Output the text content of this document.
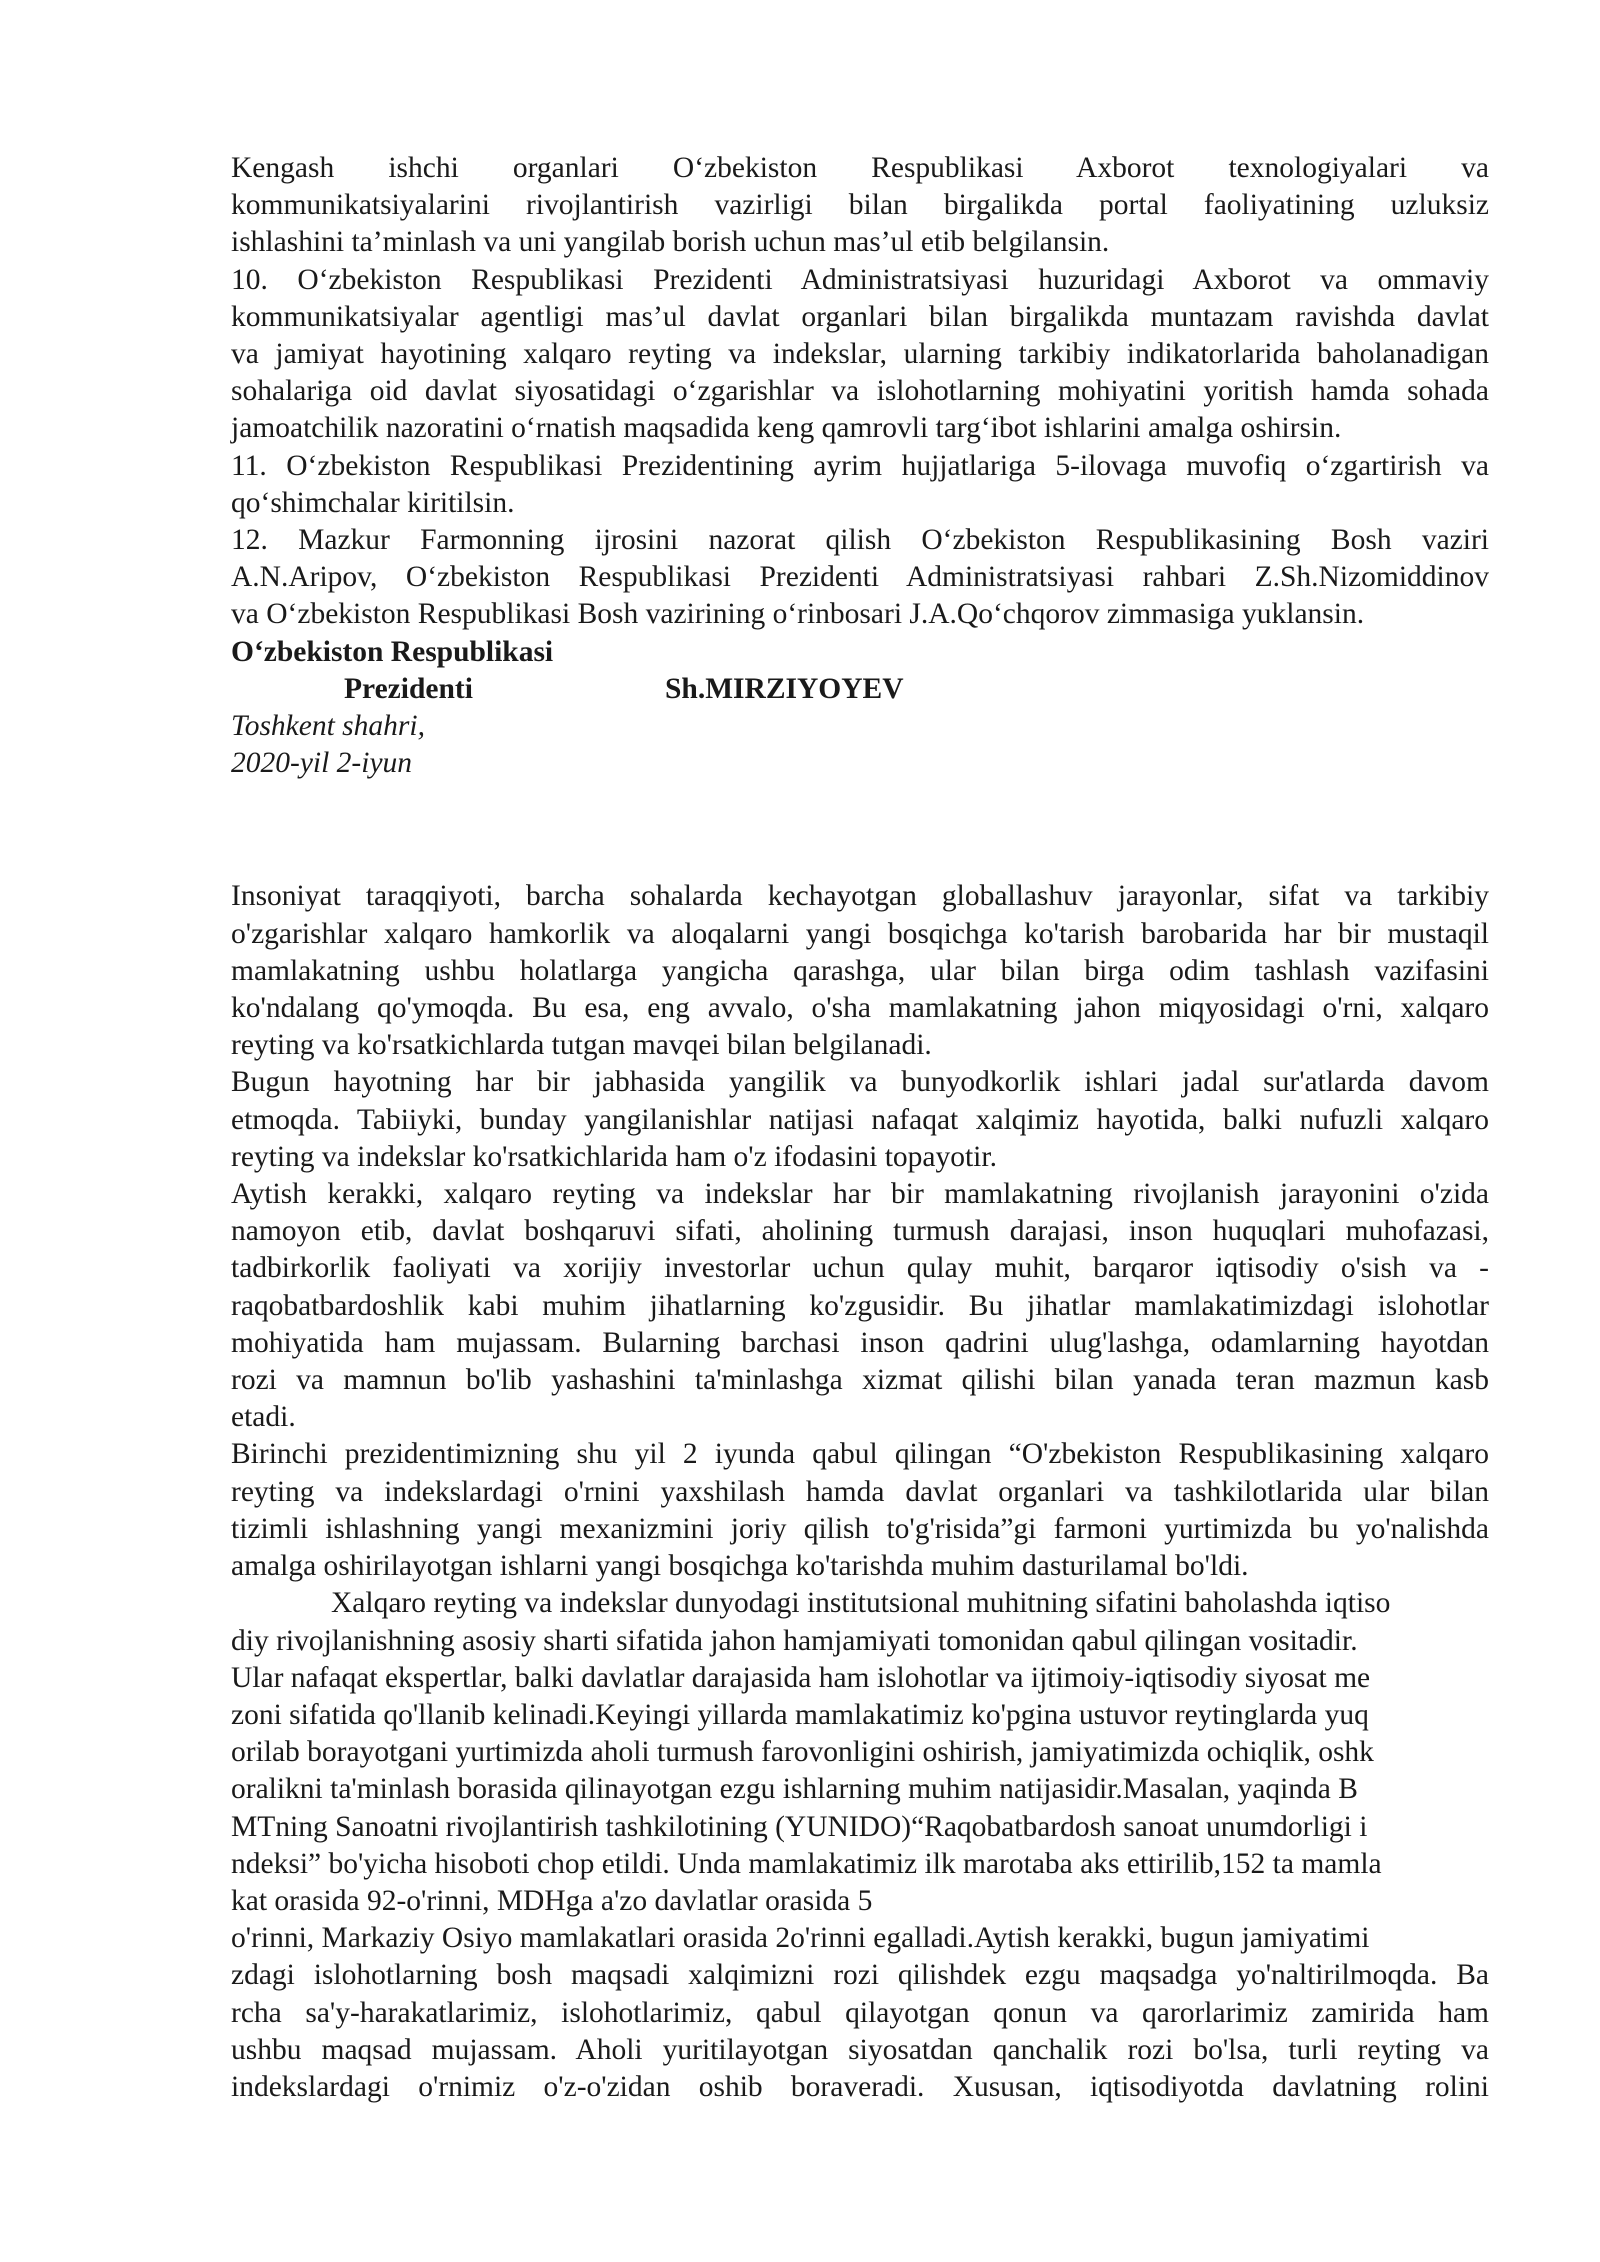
Kengash ishchi organlari O‘zbekiston Respublikasi Axborot texnologiyalari va
kommunikatsiyalarini rivojlantirish vazirligi bilan birgalikda portal faoliyatining uzluksiz
ishlashini ta’minlash va uni yangilab borish uchun mas’ul etib belgilansin.
10. O‘zbekiston Respublikasi Prezidenti Administratsiyasi huzuridagi Axborot va ommaviy
kommunikatsiyalar agentligi mas’ul davlat organlari bilan birgalikda muntazam ravishda davlat
va jamiyat hayotining xalqaro reyting va indekslar, ularning tarkibiy indikatorlarida baholanadigan
sohalariga oid davlat siyosatidagi o‘zgarishlar va islohotlarning mohiyatini yoritish hamda sohada
jamoatchilik nazoratini o‘rnatish maqsadida keng qamrovli targ‘ibot ishlarini amalga oshirsin.
11. O‘zbekiston Respublikasi Prezidentining ayrim hujjatlariga 5-ilovaga muvofiq o‘zgartirish va
qo‘shimchalar kiritilsin.
12. Mazkur Farmonning ijrosini nazorat qilish O‘zbekiston Respublikasining Bosh vaziri
A.N.Aripov, O‘zbekiston Respublikasi Prezidenti Administratsiyasi rahbari Z.Sh.Nizomiddinov
va O‘zbekiston Respublikasi Bosh vazirining o‘rinbosari J.A.Qo‘chqorov zimmasiga yuklansin.
O‘zbekiston Respublikasi
Prezidenti	Sh.MIRZIYOYEV
Toshkent shahri,
2020-yil 2-iyun
Insoniyat taraqqiyoti, barcha sohalarda kechayotgan globallashuv jarayonlar, sifat va tarkibiy
o'zgarishlar xalqaro hamkorlik va aloqalarni yangi bosqichga ko'tarish barobarida har bir mustaqil
mamlakatning ushbu holatlarga yangicha qarashga, ular bilan birga odim tashlash vazifasini
ko'ndalang qo'ymoqda. Bu esa, eng avvalo, o'sha mamlakatning jahon miqyosidagi o'rni, xalqaro
reyting va ko'rsatkichlarda tutgan mavqei bilan belgilanadi.
Bugun hayotning har bir jabhasida yangilik va bunyodkorlik ishlari jadal sur'atlarda davom
etmoqda. Tabiiyki, bunday yangilanishlar natijasi nafaqat xalqimiz hayotida, balki nufuzli xalqaro
reyting va indekslar ko'rsatkichlarida ham o'z ifodasini topayotir.
Aytish kerakki, xalqaro reyting va indekslar har bir mamlakatning rivojlanish jarayonini o'zida
namoyon etib, davlat boshqaruvi sifati, aholining turmush darajasi, inson huquqlari muhofazasi,
tadbirkorlik faoliyati va xorijiy investorlar uchun qulay muhit, barqaror iqtisodiy o'sish va -
raqobatbardoshlik kabi muhim jihatlarning ko'zgusidir. Bu jihatlar mamlakatimizdagi islohotlar
mohiyatida ham mujassam. Bularning barchasi inson qadrini ulug'lashga, odamlarning hayotdan
rozi va mamnun bo'lib yashashini ta'minlashga xizmat qilishi bilan yanada teran mazmun kasb
etadi.
Birinchi prezidentimizning shu yil 2 iyunda qabul qilingan “O'zbekiston Respublikasining xalqaro
reyting va indekslardagi o'rnini yaxshilash hamda davlat organlari va tashkilotlarida ular bilan
tizimli ishlashning yangi mexanizmini joriy qilish to'g'risida”gi farmoni yurtimizda bu yo'nalishda
amalga oshirilayotgan ishlarni yangi bosqichga ko'tarishda muhim dasturilamal bo'ldi.
Xalqaro reyting va indekslar dunyodagi institutsional muhitning sifatini baholashda iqtiso
diy rivojlanishning asosiy sharti sifatida jahon hamjamiyati tomonidan qabul qilingan vositadir.
Ular nafaqat ekspertlar, balki davlatlar darajasida ham islohotlar va ijtimoiy-iqtisodiy siyosat me
zoni sifatida qo'llanib kelinadi.Keyingi yillarda mamlakatimiz ko'pgina ustuvor reytinglarda yuq
orilab borayotgani yurtimizda aholi turmush farovonligini oshirish, jamiyatimizda ochiqlik, oshk
oralikni ta'minlash borasida qilinayotgan ezgu ishlarning muhim natijasidir.Masalan, yaqinda B
MTning Sanoatni rivojlantirish tashkilotining (YUNIDO)“Raqobatbardosh sanoat unumdorligi i
ndeksi” bo'yicha hisoboti chop etildi. Unda mamlakatimiz ilk marotaba aks ettirilib,152 ta mamla
kat orasida 92-o'rinni, MDHga a'zo davlatlar orasida 5
o'rinni, Markaziy Osiyo mamlakatlari orasida 2o'rinni egalladi.Aytish kerakki, bugun jamiyatimi
zdagi islohotlarning bosh maqsadi xalqimizni rozi qilishdek ezgu maqsadga yo'naltirilmoqda. Ba
rcha sa'y-harakatlarimiz, islohotlarimiz, qabul qilayotgan qonun va qarorlarimiz zamirida ham
ushbu maqsad mujassam. Aholi yuritilayotgan siyosatdan qanchalik rozi bo'lsa, turli reyting va
indekslardagi o'rnimiz o'z-o'zidan oshib boraveradi. Xususan, iqtisodiyotda davlatning rolini
